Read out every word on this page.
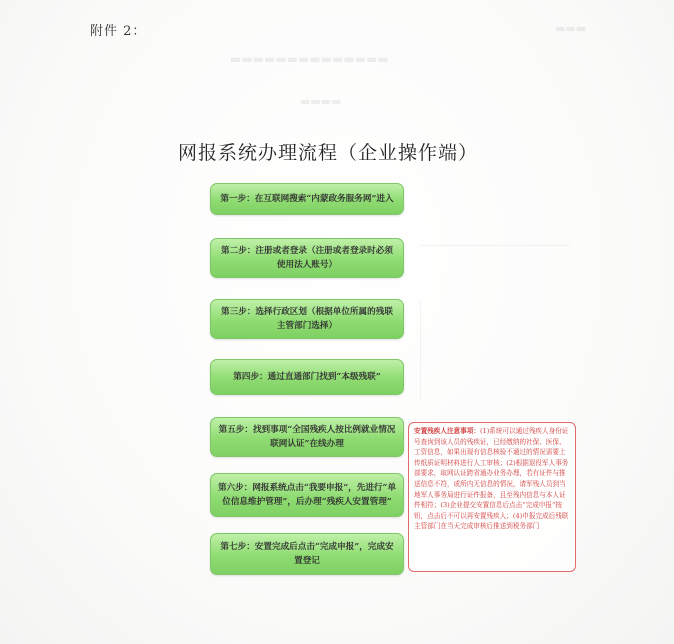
▬▬▬▬▬▬▬▬▬▬▬▬▬▬
▬▬▬▬
▬▬▬
附件 2：
网报系统办理流程（企业操作端）
第一步：在互联网搜索“内蒙政务服务网”进入
第二步：注册或者登录（注册或者登录时必须使用法人账号）
第三步：选择行政区划（根据单位所属的残联主管部门选择）
第四步：通过直通部门找到“本级残联”
第五步：找到事项“全国残疾人按比例就业情况联网认证”在线办理
第六步：网报系统点击“我要申报”，先进行“单位信息维护管理”，后办理“残疾人安置管理”
第七步：安置完成后点击“完成申报”，完成安置登记
安置残疾人注意事项：(1)系统可以通过残疾人身份证号查询到该人员的残疾证，已经缴纳的社保、医保、工资信息，如果出现有信息核验不通过的情况需要上传纸质证明材料进行人工审核；(2)根据退役军人事务部要求，取网认证跨省通办业务办理，若有证件与推送信息不符，或所内无信息的情况，请军残人员到当地军人事务局进行证件报备，且至残内信息与本人证件相符；(3)企业提交安置信息后点击“完成申报”按钮，点击后不可以再安置残疾人；(4)申报完成后残联主管部门在当天完成审核后推送到税务部门
